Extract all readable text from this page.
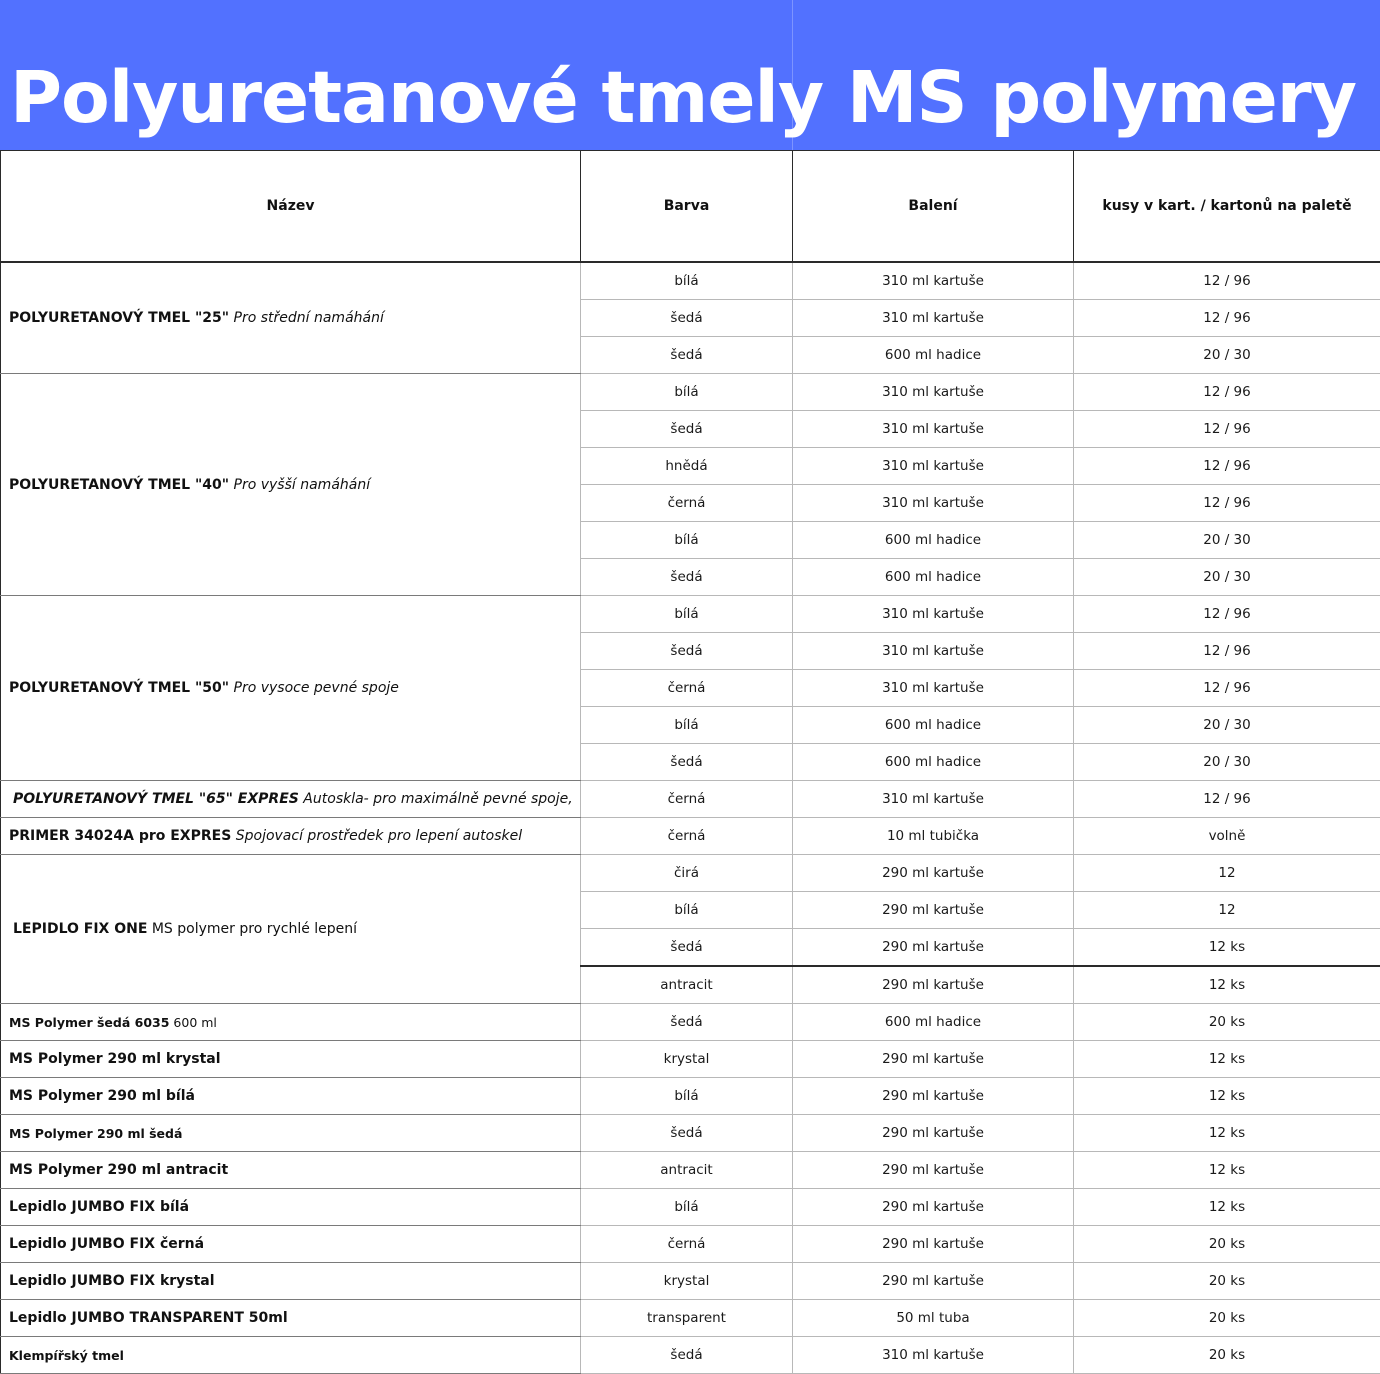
Polyuretanové tmely MS polymery
Název	Barva	Balení	kusy v kart. / kartonů na paletě
POLYURETANOVÝ TMEL "25" Pro střední namáhání	bílá	310 ml kartuše	12 / 96
	šedá	310 ml kartuše	12 / 96
	šedá	600 ml hadice	20 / 30
POLYURETANOVÝ TMEL "40" Pro vyšší namáhání	bílá	310 ml kartuše	12 / 96
	šedá	310 ml kartuše	12 / 96
	hnědá	310 ml kartuše	12 / 96
	černá	310 ml kartuše	12 / 96
	bílá	600 ml hadice	20 / 30
	šedá	600 ml hadice	20 / 30
POLYURETANOVÝ TMEL "50" Pro vysoce pevné spoje	bílá	310 ml kartuše	12 / 96
	šedá	310 ml kartuše	12 / 96
	černá	310 ml kartuše	12 / 96
	bílá	600 ml hadice	20 / 30
	šedá	600 ml hadice	20 / 30
POLYURETANOVÝ TMEL "65" EXPRES Autoskla- pro maximálně pevné spoje,	černá	310 ml kartuše	12 / 96
PRIMER 34024A pro EXPRES Spojovací prostředek pro lepení autoskel	černá	10 ml tubička	volně
LEPIDLO FIX ONE MS polymer pro rychlé lepení	čirá	290 ml kartuše	12
	bílá	290 ml kartuše	12
	šedá	290 ml kartuše	12 ks
	antracit	290 ml kartuše	12 ks
MS Polymer šedá 6035 600 ml	šedá	600 ml hadice	20 ks
MS Polymer 290 ml krystal	krystal	290 ml kartuše	12 ks
MS Polymer 290 ml bílá	bílá	290 ml kartuše	12 ks
MS Polymer 290 ml šedá	šedá	290 ml kartuše	12 ks
MS Polymer 290 ml antracit	antracit	290 ml kartuše	12 ks
Lepidlo JUMBO FIX bílá	bílá	290 ml kartuše	12 ks
Lepidlo JUMBO FIX černá	černá	290 ml kartuše	20 ks
Lepidlo JUMBO FIX krystal	krystal	290 ml kartuše	20 ks
Lepidlo JUMBO TRANSPARENT 50ml	transparent	50 ml tuba	20 ks
Klempířský tmel	šedá	310 ml kartuše	20 ks
